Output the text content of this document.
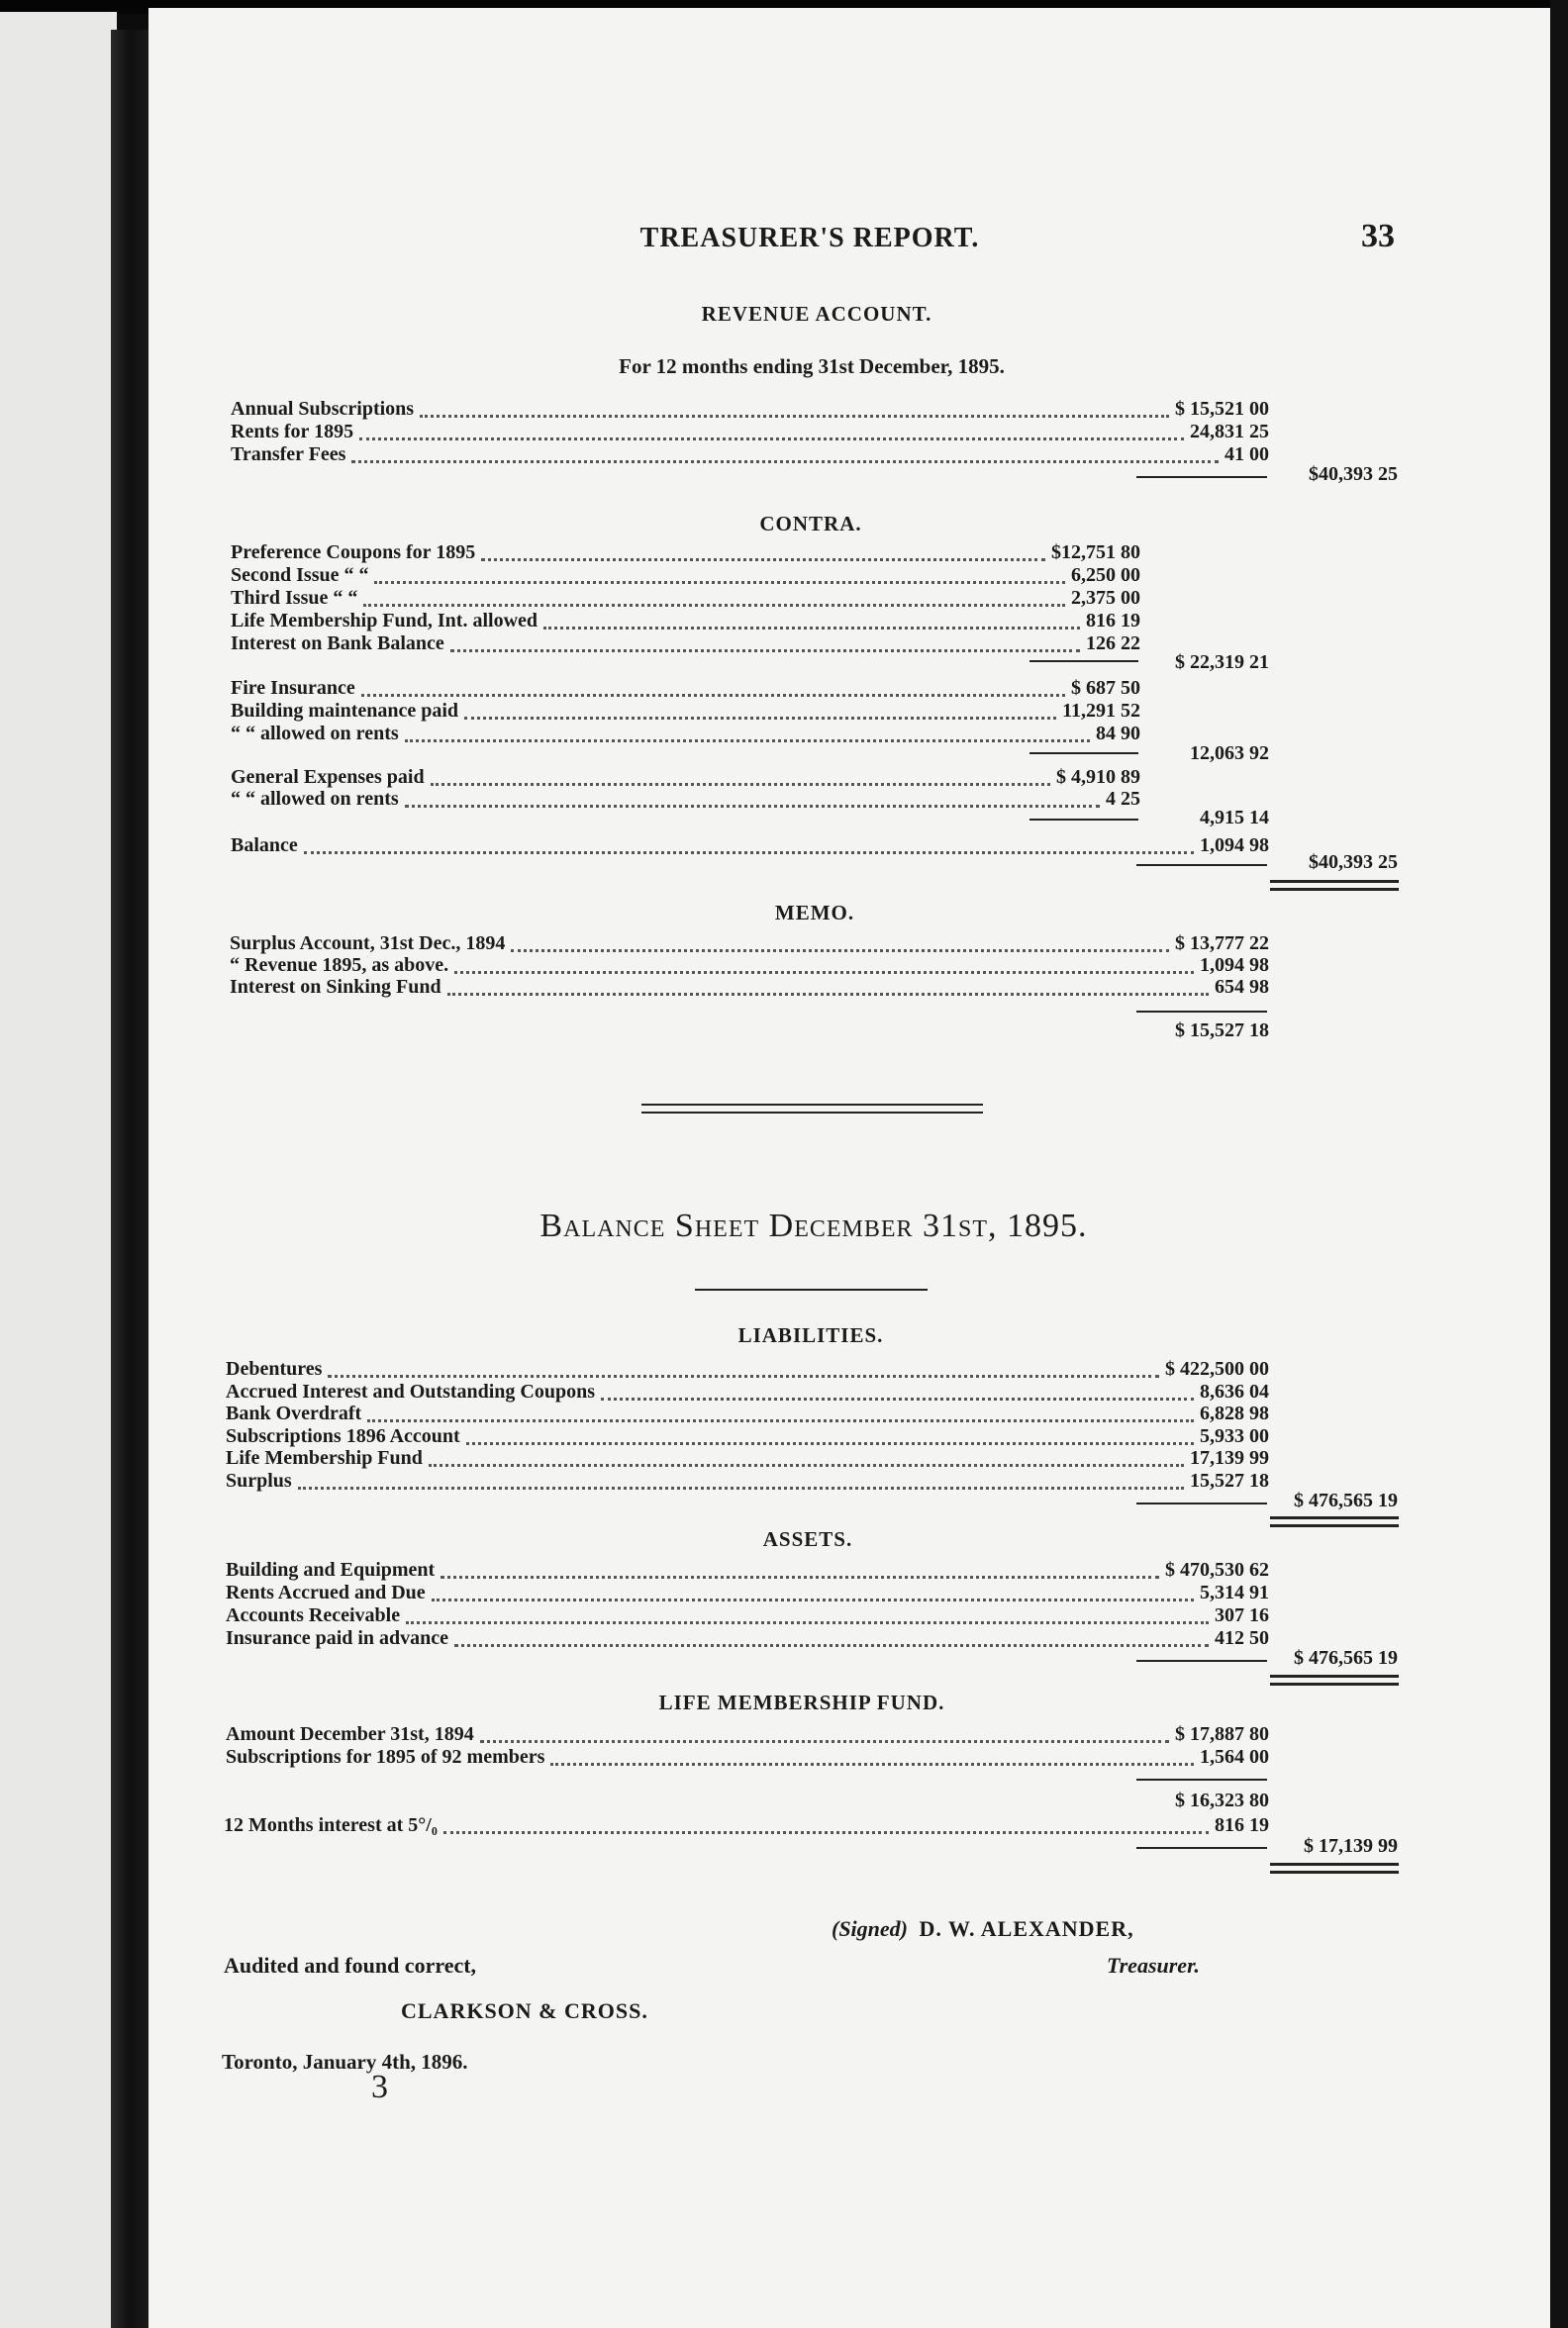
TREASURER'S REPORT.	33
REVENUE ACCOUNT.
For 12 months ending 31st December, 1895.
Annual Subscriptions	$ 15,521 00
Rents for 1895	24,831 25
Transfer Fees	41 00
$40,393 25
CONTRA.
Preference Coupons for 1895	$12,751 80
Second Issue “ “	6,250 00
Third Issue “ “	2,375 00
Life Membership Fund, Int. allowed	816 19
Interest on Bank Balance	126 22
$ 22,319 21
Fire Insurance	$ 687 50
Building maintenance paid	11,291 52
“ “ allowed on rents	84 90
12,063 92
General Expenses paid	$ 4,910 89
“ “ allowed on rents	4 25
4,915 14
Balance	1,094 98
$40,393 25
MEMO.
Surplus Account, 31st Dec., 1894	$ 13,777 22
“ Revenue 1895, as above.	1,094 98
Interest on Sinking Fund	654 98
$ 15,527 18
Balance Sheet December 31st, 1895.
LIABILITIES.
Debentures	$ 422,500 00
Accrued Interest and Outstanding Coupons	8,636 04
Bank Overdraft	6,828 98
Subscriptions 1896 Account	5,933 00
Life Membership Fund	17,139 99
Surplus	15,527 18
$ 476,565 19
ASSETS.
Building and Equipment	$ 470,530 62
Rents Accrued and Due	5,314 91
Accounts Receivable	307 16
Insurance paid in advance	412 50
$ 476,565 19
LIFE MEMBERSHIP FUND.
Amount December 31st, 1894	$ 17,887 80
Subscriptions for 1895 of 92 members	1,564 00
$ 16,323 80
12 Months interest at 5°/₀	816 19
$ 17,139 99
(Signed) D. W. ALEXANDER,
Treasurer.
Audited and found correct,
CLARKSON & CROSS.
Toronto, January 4th, 1896.
3
